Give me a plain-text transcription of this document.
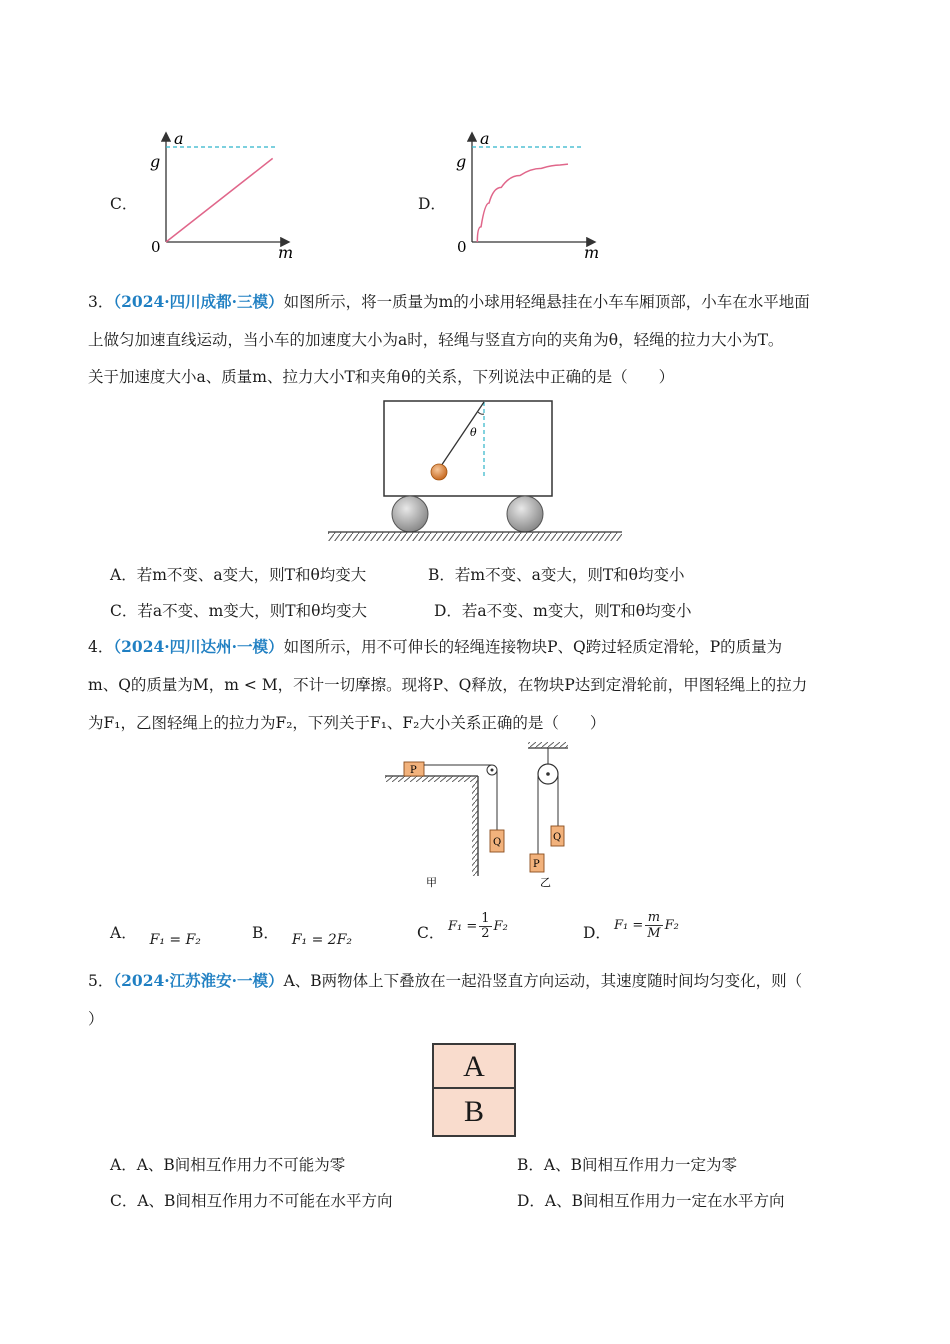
C．
a
g
0	m
D．
a
g
0	m
3．（2024·四川成都·三模）如图所示，将一质量为m的小球用轻绳悬挂在小车车厢顶部，小车在水平地面
上做匀加速直线运动，当小车的加速度大小为a时，轻绳与竖直方向的夹角为θ，轻绳的拉力大小为T。
关于加速度大小a、质量m、拉力大小T和夹角θ的关系，下列说法中正确的是（　　）
θ
A．若m不变、a变大，则T和θ均变大	B．若m不变、a变大，则T和θ均变小
C．若a不变、m变大，则T和θ均变大	D．若a不变、m变大，则T和θ均变小
4．（2024·四川达州·一模）如图所示，用不可伸长的轻绳连接物块P、Q跨过轻质定滑轮，P的质量为
m、Q的质量为M，m < M，不计一切摩擦。现将P、Q释放，在物块P达到定滑轮前，甲图轻绳上的拉力
为F₁，乙图轻绳上的拉力为F₂，下列关于F₁、F₂大小关系正确的是（　　）
P
Q
甲
P
Q
乙
A． F₁ = F₂	B． F₁ = 2F₂	C． $F_1 = \frac{1}{2} F_2$	D． $F_1 = \frac{m}{M} F_2$
5．（2024·江苏淮安·一模）A、B两物体上下叠放在一起沿竖直方向运动，其速度随时间均匀变化，则（
）
A
B
A．A、B间相互作用力不可能为零	B．A、B间相互作用力一定为零
C．A、B间相互作用力不可能在水平方向	D．A、B间相互作用力一定在水平方向
